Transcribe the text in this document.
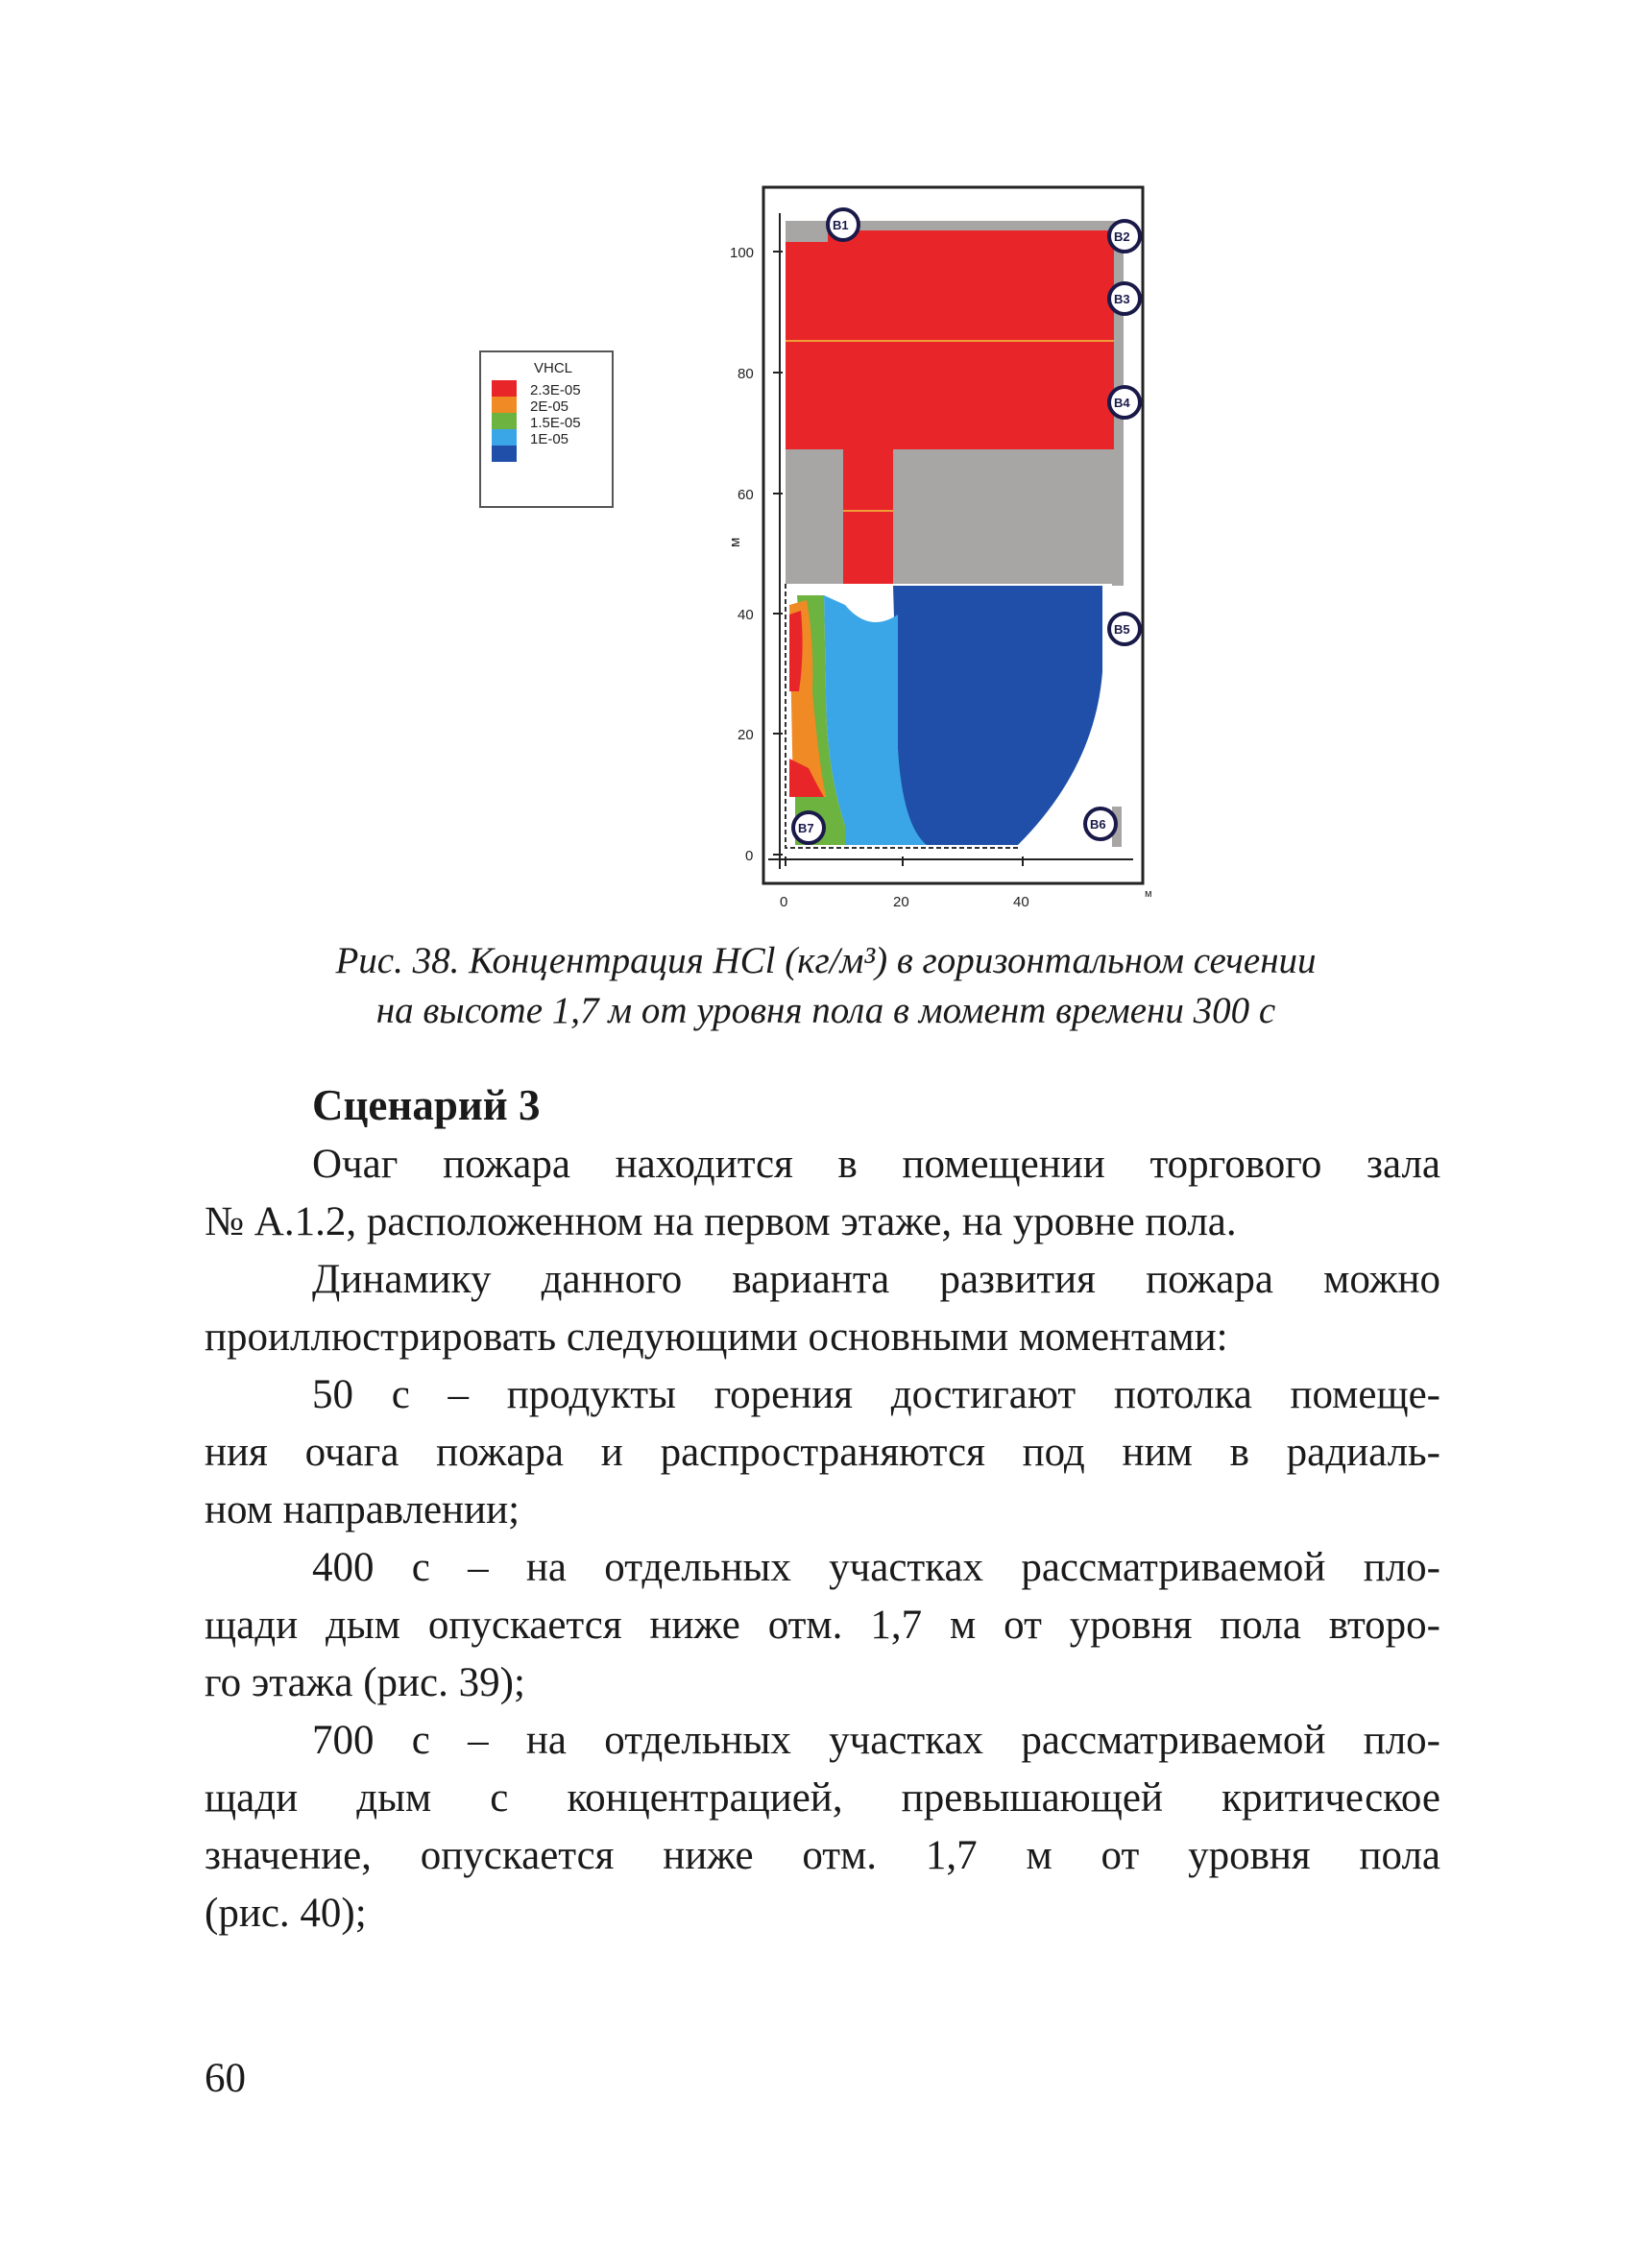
VHCL
2.3E-05
2E-05
1.5E-05
1E-05
100
80
60
40
20
0
м
0	20	40	м
B1
B2
B3
B4
B5
B6
B7
Рис. 38. Концентрация HCl (кг/м³) в горизонтальном сечении
на высоте 1,7 м от уровня пола в момент времени 300 с
Сценарий 3
Очаг пожара находится в помещении торгового зала
№ А.1.2, расположенном на первом этаже, на уровне пола.
Динамику данного варианта развития пожара можно
проиллюстрировать следующими основными моментами:
50 с – продукты горения достигают потолка помеще-
ния очага пожара и распространяются под ним в радиаль-
ном направлении;
400 с – на отдельных участках рассматриваемой пло-
щади дым опускается ниже отм. 1,7 м от уровня пола второ-
го этажа (рис. 39);
700 с – на отдельных участках рассматриваемой пло-
щади дым с концентрацией, превышающей критическое
значение, опускается ниже отм. 1,7 м от уровня пола
(рис. 40);
60
